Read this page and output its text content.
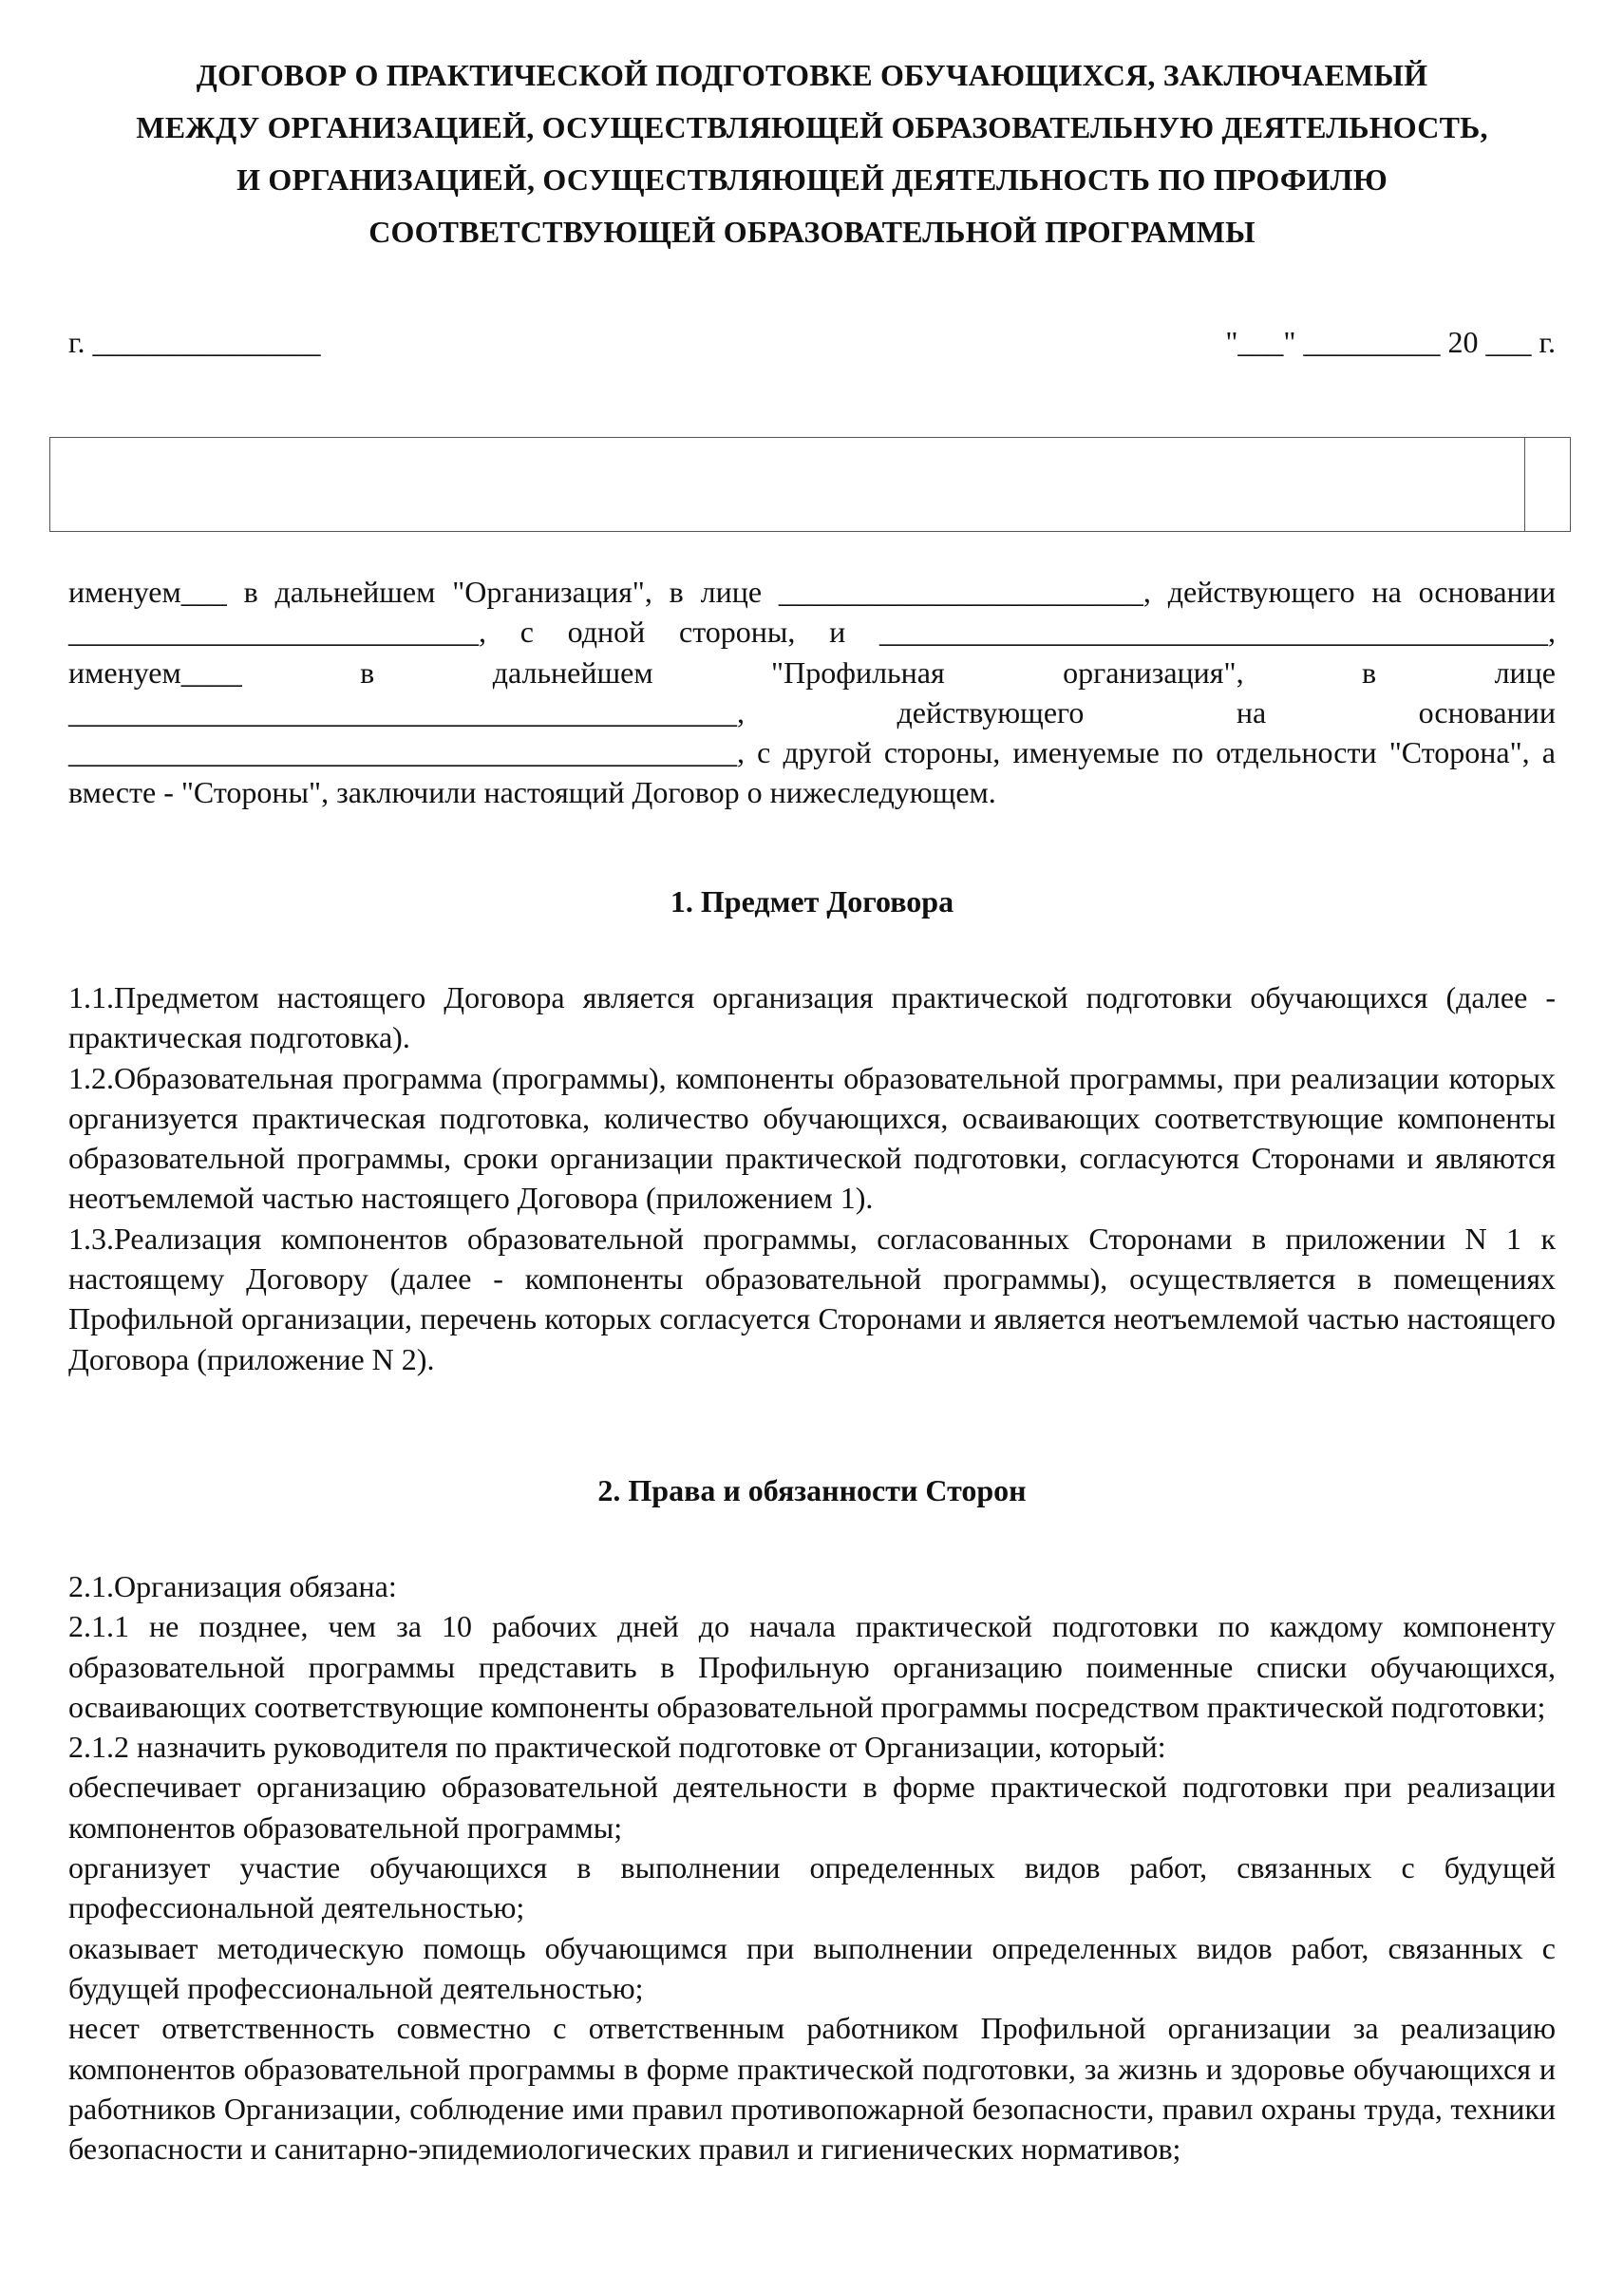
ДОГОВОР О ПРАКТИЧЕСКОЙ ПОДГОТОВКЕ ОБУЧАЮЩИХСЯ, ЗАКЛЮЧАЕМЫЙ
МЕЖДУ ОРГАНИЗАЦИЕЙ, ОСУЩЕСТВЛЯЮЩЕЙ ОБРАЗОВАТЕЛЬНУЮ ДЕЯТЕЛЬНОСТЬ,
И ОРГАНИЗАЦИЕЙ, ОСУЩЕСТВЛЯЮЩЕЙ ДЕЯТЕЛЬНОСТЬ ПО ПРОФИЛЮ
СООТВЕТСТВУЮЩЕЙ ОБРАЗОВАТЕЛЬНОЙ ПРОГРАММЫ
г. _______________	"___" _________ 20 ___ г.

именуем___ в дальнейшем "Организация", в лице ________________________, действующего на основании ___________________________, с одной стороны, и ____________________________________________, именуем____ в дальнейшем "Профильная организация", в лице ____________________________________________, действующего на основании ____________________________________________, с другой стороны, именуемые по отдельности "Сторона", а вместе - "Стороны", заключили настоящий Договор о нижеследующем.

1. Предмет Договора

1.1.Предметом настоящего Договора является организация практической подготовки обучающихся (далее - практическая подготовка).

1.2.Образовательная программа (программы), компоненты образовательной программы, при реализации которых организуется практическая подготовка, количество обучающихся, осваивающих соответствующие компоненты образовательной программы, сроки организации практической подготовки, согласуются Сторонами и являются неотъемлемой частью настоящего Договора (приложением 1).

1.3.Реализация компонентов образовательной программы, согласованных Сторонами в приложении N 1 к настоящему Договору (далее - компоненты образовательной программы), осуществляется в помещениях Профильной организации, перечень которых согласуется Сторонами и является неотъемлемой частью настоящего Договора (приложение N 2).

2. Права и обязанности Сторон

2.1.Организация обязана:

2.1.1 не позднее, чем за 10 рабочих дней до начала практической подготовки по каждому компоненту образовательной программы представить в Профильную организацию поименные списки обучающихся, осваивающих соответствующие компоненты образовательной программы посредством практической подготовки;

2.1.2 назначить руководителя по практической подготовке от Организации, который:

обеспечивает организацию образовательной деятельности в форме практической подготовки при реализации компонентов образовательной программы;

организует участие обучающихся в выполнении определенных видов работ, связанных с будущей профессиональной деятельностью;

оказывает методическую помощь обучающимся при выполнении определенных видов работ, связанных с будущей профессиональной деятельностью;

несет ответственность совместно с ответственным работником Профильной организации за реализацию компонентов образовательной программы в форме практической подготовки, за жизнь и здоровье обучающихся и работников Организации, соблюдение ими правил противопожарной безопасности, правил охраны труда, техники безопасности и санитарно-эпидемиологических правил и гигиенических нормативов;
